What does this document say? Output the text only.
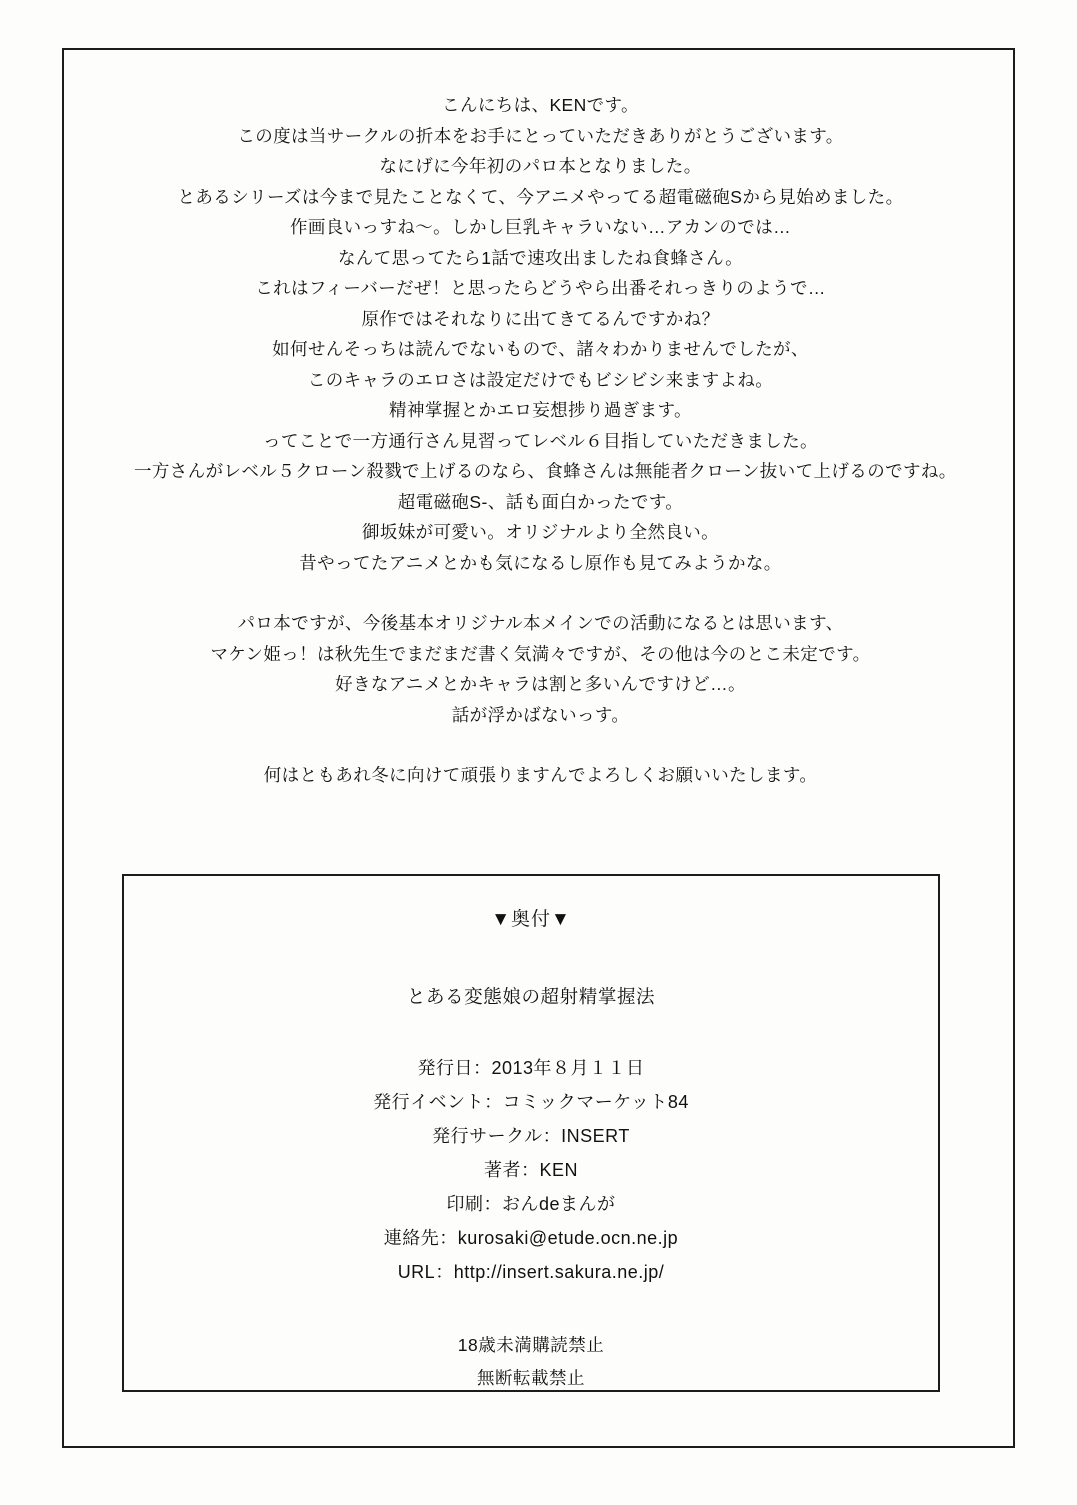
こんにちは、KENです。

この度は当サークルの折本をお手にとっていただきありがとうございます。

なにげに今年初のパロ本となりました。

とあるシリーズは今まで見たことなくて、今アニメやってる超電磁砲Sから見始めました。

作画良いっすね〜。しかし巨乳キャラいない…アカンのでは…

なんて思ってたら1話で速攻出ましたね食蜂さん。

これはフィーバーだぜ！と思ったらどうやら出番それっきりのようで…

原作ではそれなりに出てきてるんですかね？

如何せんそっちは読んでないもので、諸々わかりませんでしたが、

このキャラのエロさは設定だけでもビシビシ来ますよね。

精神掌握とかエロ妄想捗り過ぎます。

ってことで一方通行さん見習ってレベル６目指していただきました。

一方さんがレベル５クローン殺戮で上げるのなら、食蜂さんは無能者クローン抜いて上げるのですね。

超電磁砲S-、話も面白かったです。

御坂妹が可愛い。オリジナルより全然良い。

昔やってたアニメとかも気になるし原作も見てみようかな。

パロ本ですが、今後基本オリジナル本メインでの活動になるとは思います、

マケン姫っ！は秋先生でまだまだ書く気満々ですが、その他は今のとこ未定です。

好きなアニメとかキャラは割と多いんですけど…。

話が浮かばないっす。

何はともあれ冬に向けて頑張りますんでよろしくお願いいたします。

▼奥付▼
とある変態娘の超射精掌握法
発行日：2013年８月１１日
発行イベント：コミックマーケット84
発行サークル：INSERT
著者：KEN
印刷：おんdeまんが
連絡先：kurosaki@etude.ocn.ne.jp
URL：http://insert.sakura.ne.jp/
18歳未満購読禁止
無断転載禁止
